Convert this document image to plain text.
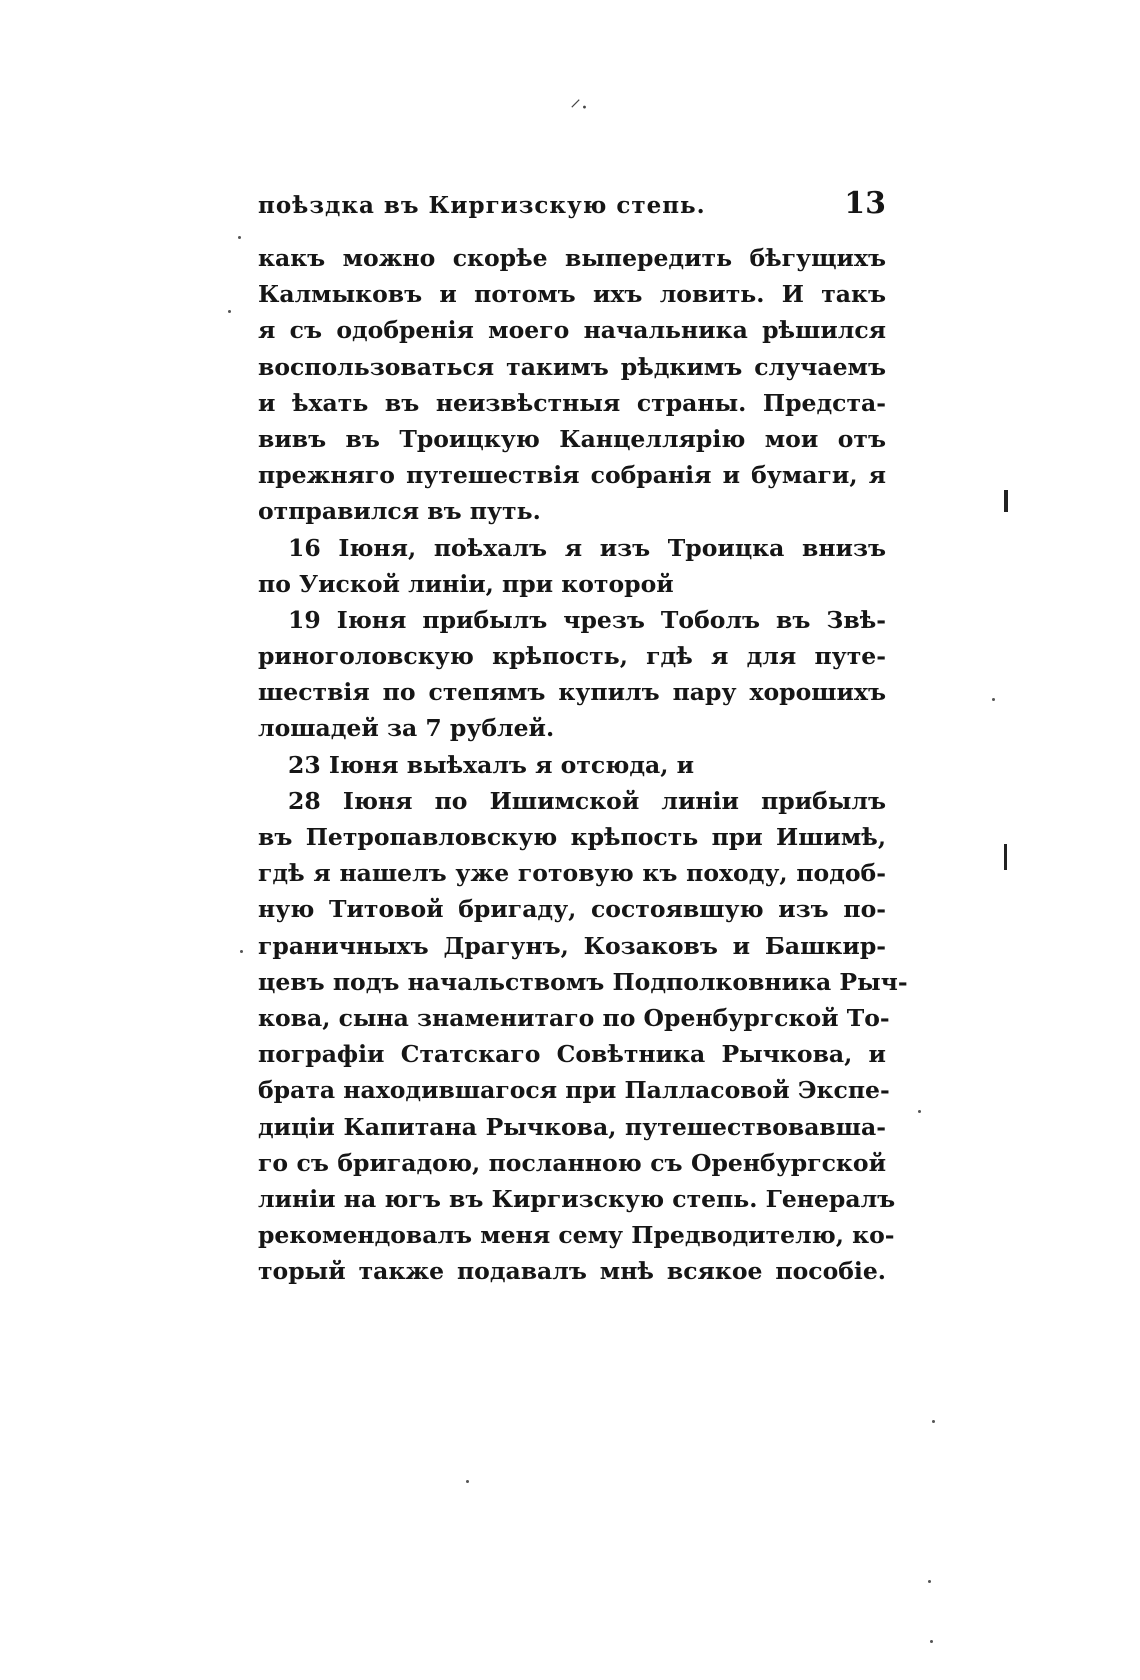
⸍·
поѣздка въ Киргизскую степь.	13
какъ можно скорѣе выпередить бѣгущихъ
Калмыковъ и потомъ ихъ ловить. И такъ
я съ одобренія моего начальника рѣшился
воспользоваться такимъ рѣдкимъ случаемъ
и ѣхать въ неизвѣстныя страны. Предста-
вивъ въ Троицкую Канцеллярію мои отъ
прежняго путешествія собранія и бумаги, я
отправился въ путь.
16 Іюня, поѣхалъ я изъ Троицка внизъ
по Уиской линіи, при которой
19 Іюня прибылъ чрезъ Тоболъ въ Звѣ-
риноголовскую крѣпость, гдѣ я для путе-
шествія по степямъ купилъ пару хорошихъ
лошадей за 7 рублей.
23 Іюня выѣхалъ я отсюда, и
28 Іюня по Ишимской линіи прибылъ
въ Петропавловскую крѣпость при Ишимѣ,
гдѣ я нашелъ уже готовую къ походу, подоб-
ную Титовой бригаду, состоявшую изъ по-
граничныхъ Драгунъ, Козаковъ и Башкир-
цевъ подъ начальствомъ Подполковника Рыч-
кова, сына знаменитаго по Оренбургской То-
пографіи Статскаго Совѣтника Рычкова, и
брата находившагося при Палласовой Экспе-
диціи Капитана Рычкова, путешествовавша-
го съ бригадою, посланною съ Оренбургской
линіи на югъ въ Киргизскую степь. Генералъ
рекомендовалъ меня сему Предводителю, ко-
торый также подавалъ мнѣ всякое пособіе.
